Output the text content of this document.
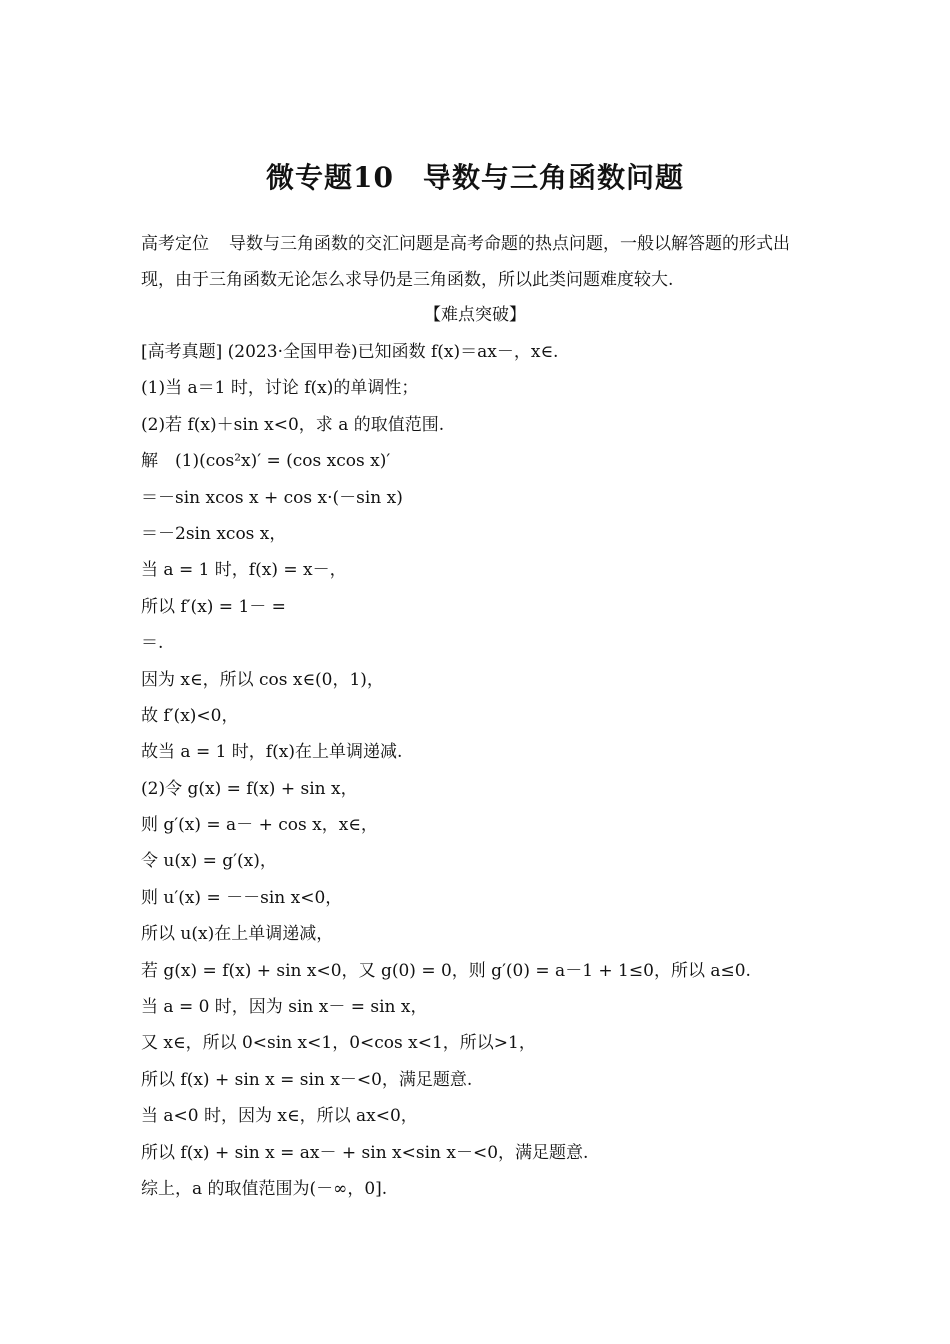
微专题10　导数与三角函数问题
高考定位 导数与三角函数的交汇问题是高考命题的热点问题，一般以解答题的形式出现，由于三角函数无论怎么求导仍是三角函数，所以此类问题难度较大.
【难点突破】
[高考真题] (2023·全国甲卷)已知函数 f(x)＝ax－，x∈.
(1)当 a＝1 时，讨论 f(x)的单调性；
(2)若 f(x)＋sin x<0，求 a 的取值范围.
解　(1)(cos²x)′ = (cos xcos x)′
＝－sin xcos x + cos x·(－sin x)
＝－2sin xcos x，
当 a = 1 时，f(x) = x－，
所以 f′(x) = 1－ =
＝.
因为 x∈，所以 cos x∈(0，1)，
故 f′(x)<0，
故当 a = 1 时，f(x)在上单调递减.
(2)令 g(x) = f(x) + sin x，
则 g′(x) = a－ + cos x，x∈，
令 u(x) = g′(x)，
则 u′(x) = －－sin x<0，
所以 u(x)在上单调递减，
若 g(x) = f(x) + sin x<0，又 g(0) = 0，则 g′(0) = a－1 + 1≤0，所以 a≤0.
当 a = 0 时，因为 sin x－ = sin x，
又 x∈，所以 0<sin x<1，0<cos x<1，所以>1，
所以 f(x) + sin x = sin x－<0，满足题意.
当 a<0 时，因为 x∈，所以 ax<0，
所以 f(x) + sin x = ax－ + sin x<sin x－<0，满足题意.
综上，a 的取值范围为(－∞，0].
